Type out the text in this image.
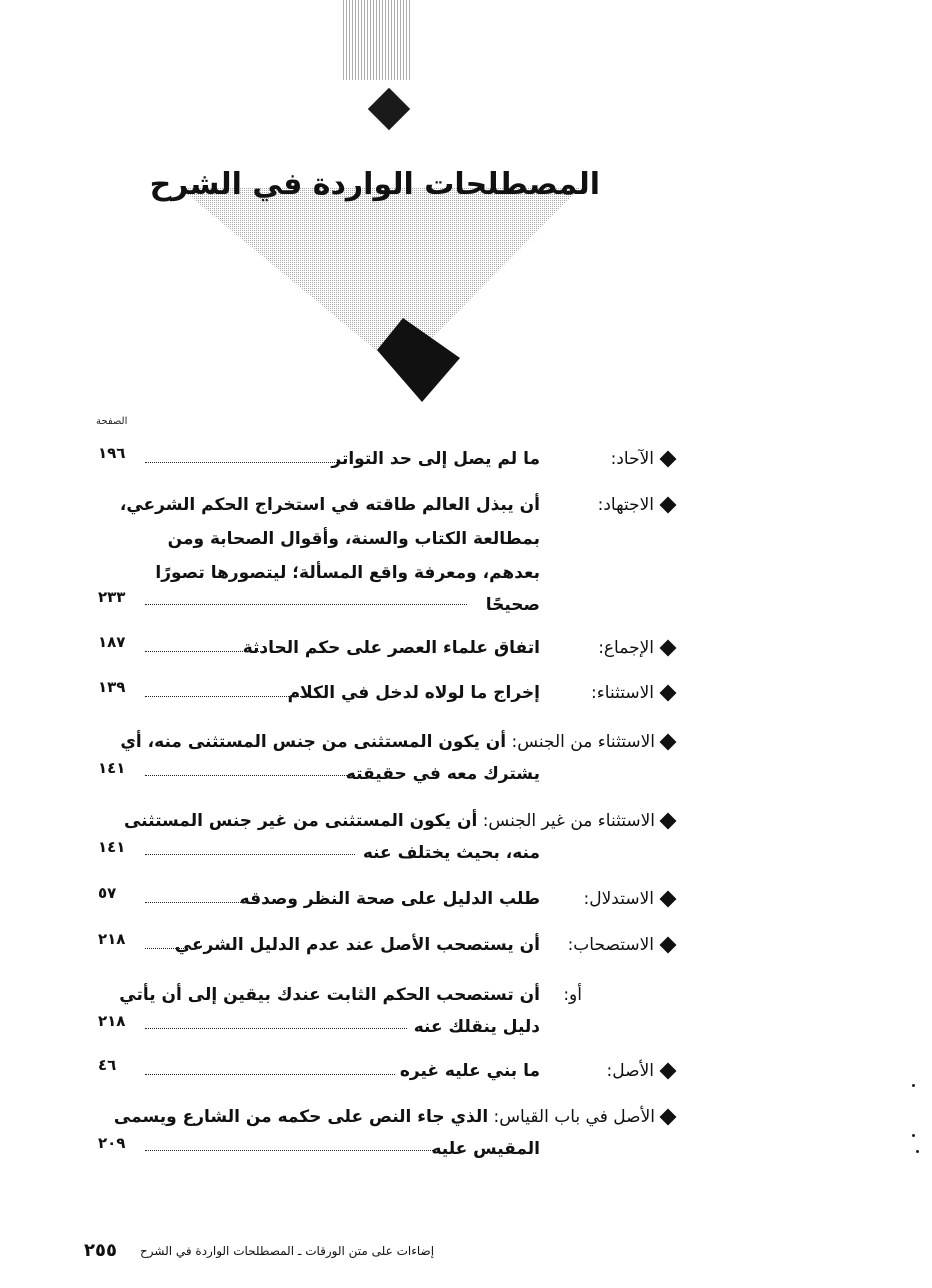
المصطلحات الواردة في الشرح
الصفحة
الآحاد:
ما لم يصل إلى حد التواتر
١٩٦
الاجتهاد:
أن يبذل العالم طاقته في استخراج الحكم الشرعي،
بمطالعة الكتاب والسنة، وأقوال الصحابة ومن
بعدهم، ومعرفة واقع المسألة؛ ليتصورها تصورًا
صحيحًا
٢٣٣
الإجماع:
اتفاق علماء العصر على حكم الحادثة
١٨٧
الاستثناء:
إخراج ما لولاه لدخل في الكلام
١٣٩
الاستثناء من الجنس: أن يكون المستثنى من جنس المستثنى منه، أي
يشترك معه في حقيقته
١٤١
الاستثناء من غير الجنس: أن يكون المستثنى من غير جنس المستثنى
منه، بحيث يختلف عنه
١٤١
الاستدلال:
طلب الدليل على صحة النظر وصدقه
٥٧
الاستصحاب:
أن يستصحب الأصل عند عدم الدليل الشرعي
٢١٨
أو:
أن تستصحب الحكم الثابت عندك بيقين إلى أن يأتي
دليل ينقلك عنه
٢١٨
الأصل:
ما بني عليه غيره
٤٦
الأصل في باب القياس: الذي جاء النص على حكمه من الشارع ويسمى
المقيس عليه
٢٠٩
٢٥٥	إضاءات على متن الورقات ـ المصطلحات الواردة في الشرح
